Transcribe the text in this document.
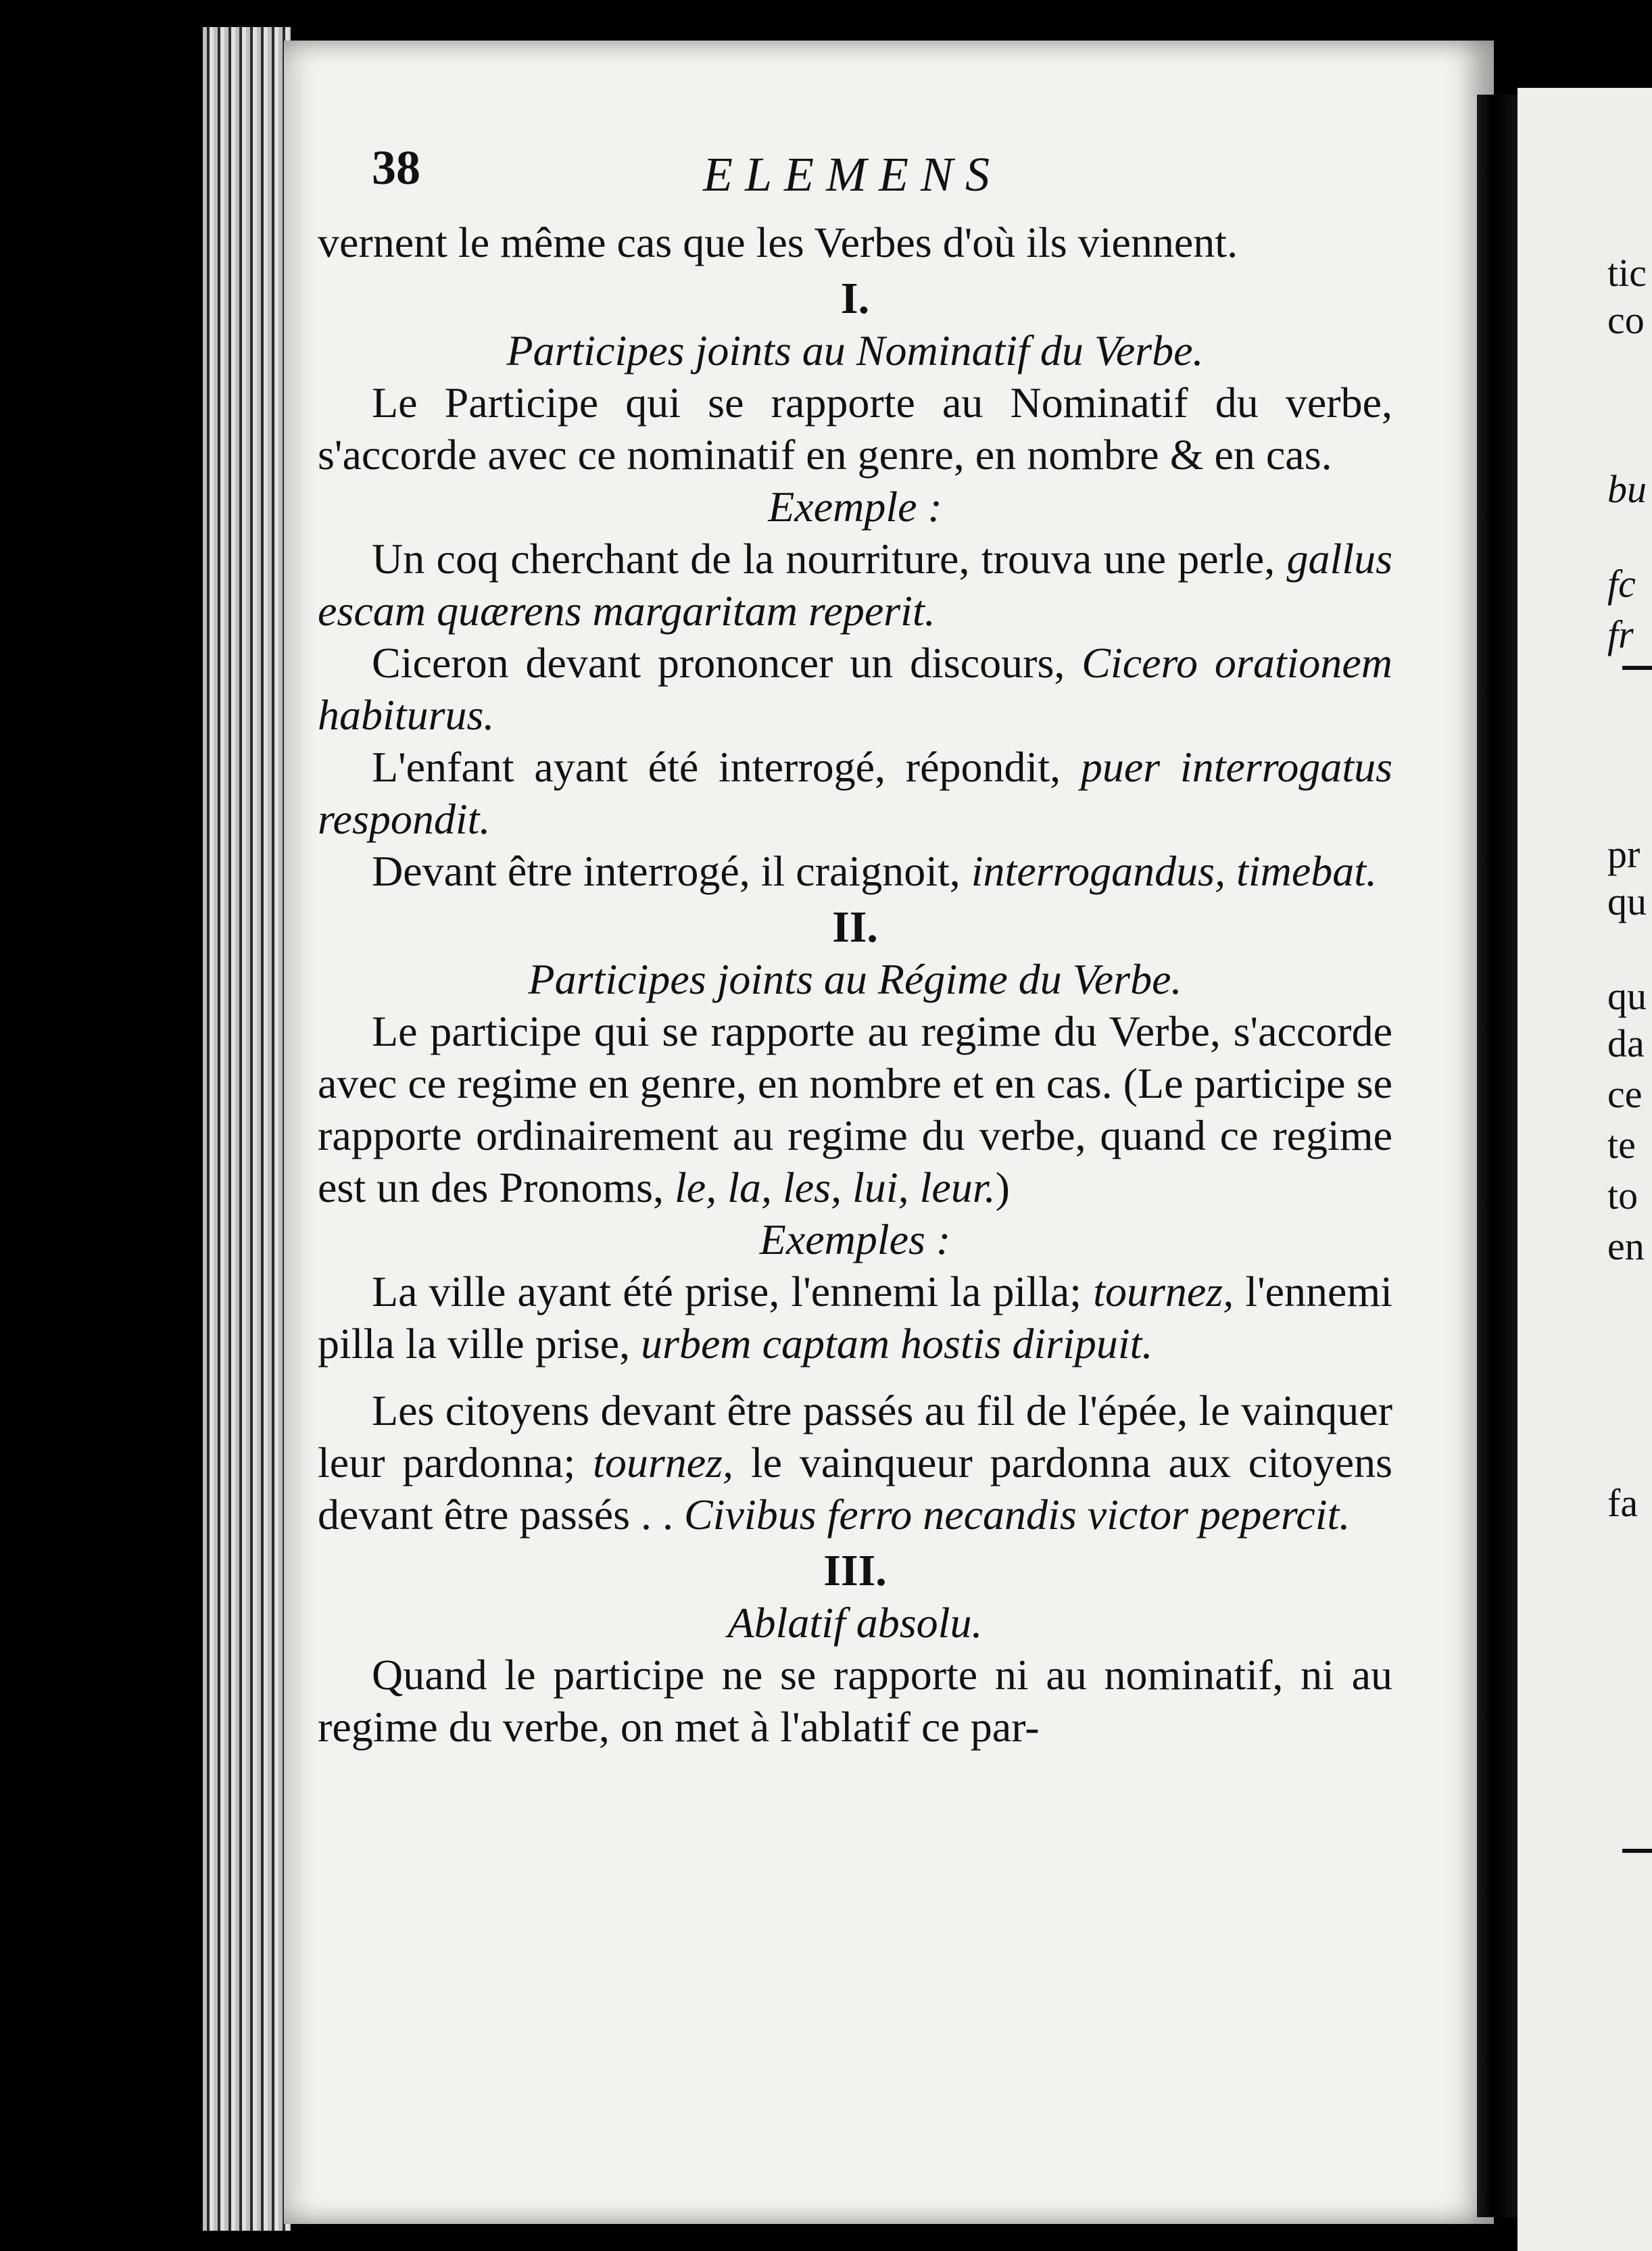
tic
co
bu
fc
fr
pr
qu
qu
da
ce
te
to
en
fa
38	ELEMENS

vernent le même cas que les Verbes d'où ils viennent.

I.

Participes joints au Nominatif du Verbe.

Le Participe qui se rapporte au Nominatif du verbe, s'accorde avec ce nominatif en genre, en nombre & en cas.

Exemple :

Un coq cherchant de la nourriture, trouva une perle, gallus escam quærens margaritam reperit.

Ciceron devant prononcer un discours, Cicero orationem habiturus.

L'enfant ayant été interrogé, répondit, puer interrogatus respondit.

Devant être interrogé, il craignoit, interrogandus, timebat.

II.

Participes joints au Régime du Verbe.

Le participe qui se rapporte au regime du Verbe, s'accorde avec ce regime en genre, en nombre et en cas. (Le participe se rapporte ordinairement au regime du verbe, quand ce regime est un des Pronoms, le, la, les, lui, leur.)

Exemples :

La ville ayant été prise, l'ennemi la pilla; tournez, l'ennemi pilla la ville prise, urbem captam hostis diripuit.

Les citoyens devant être passés au fil de l'épée, le vainquer leur pardonna; tournez, le vainqueur pardonna aux citoyens devant être passés . . Civibus ferro necandis victor pepercit.

III.

Ablatif absolu.

Quand le participe ne se rapporte ni au nominatif, ni au regime du verbe, on met à l'ablatif ce par-
